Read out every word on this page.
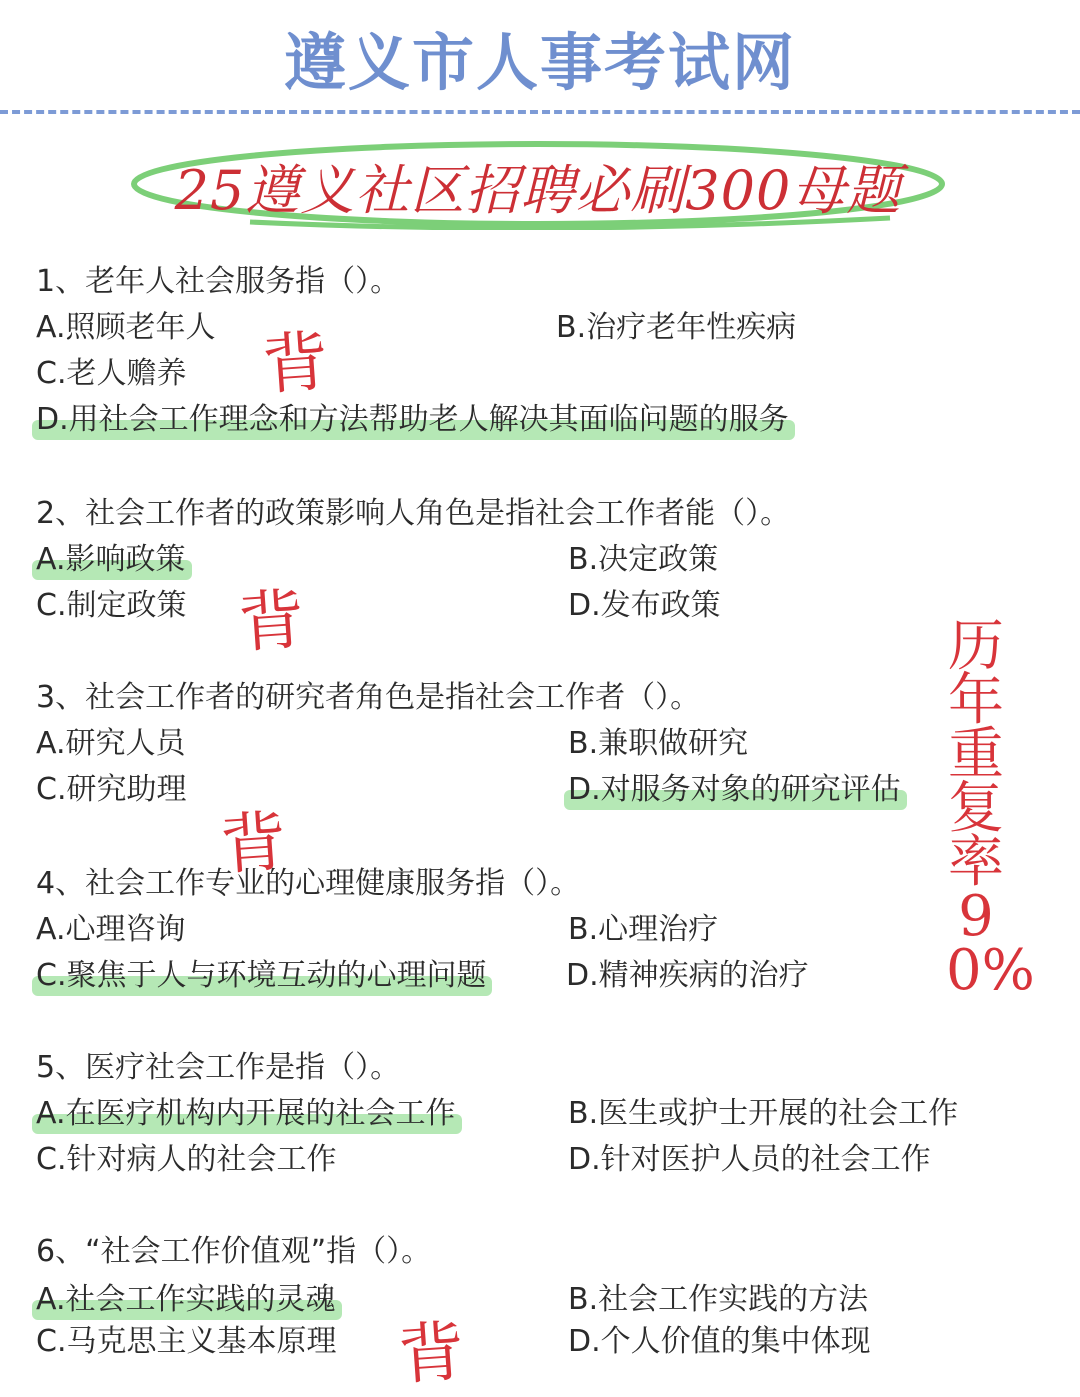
遵义市人事考试网
25遵义社区招聘必刷300母题
1、老年人社会服务指（）。
A.照顾老年人	B.治疗老年性疾病
C.老人赡养
D.用社会工作理念和方法帮助老人解决其面临问题的服务
背
2、社会工作者的政策影响人角色是指社会工作者能（）。
A.影响政策	B.决定政策
C.制定政策	D.发布政策
背
3、社会工作者的研究者角色是指社会工作者（）。
A.研究人员	B.兼职做研究
C.研究助理	D.对服务对象的研究评估
背
4、社会工作专业的心理健康服务指（）。
A.心理咨询	B.心理治疗
C.聚焦于人与环境互动的心理问题	D.精神疾病的治疗
5、医疗社会工作是指（）。
A.在医疗机构内开展的社会工作	B.医生或护士开展的社会工作
C.针对病人的社会工作	D.针对医护人员的社会工作
6、“社会工作价值观”指（）。
A.社会工作实践的灵魂	B.社会工作实践的方法
C.马克思主义基本原理	D.个人价值的集中体现
背
历年重复率90%
